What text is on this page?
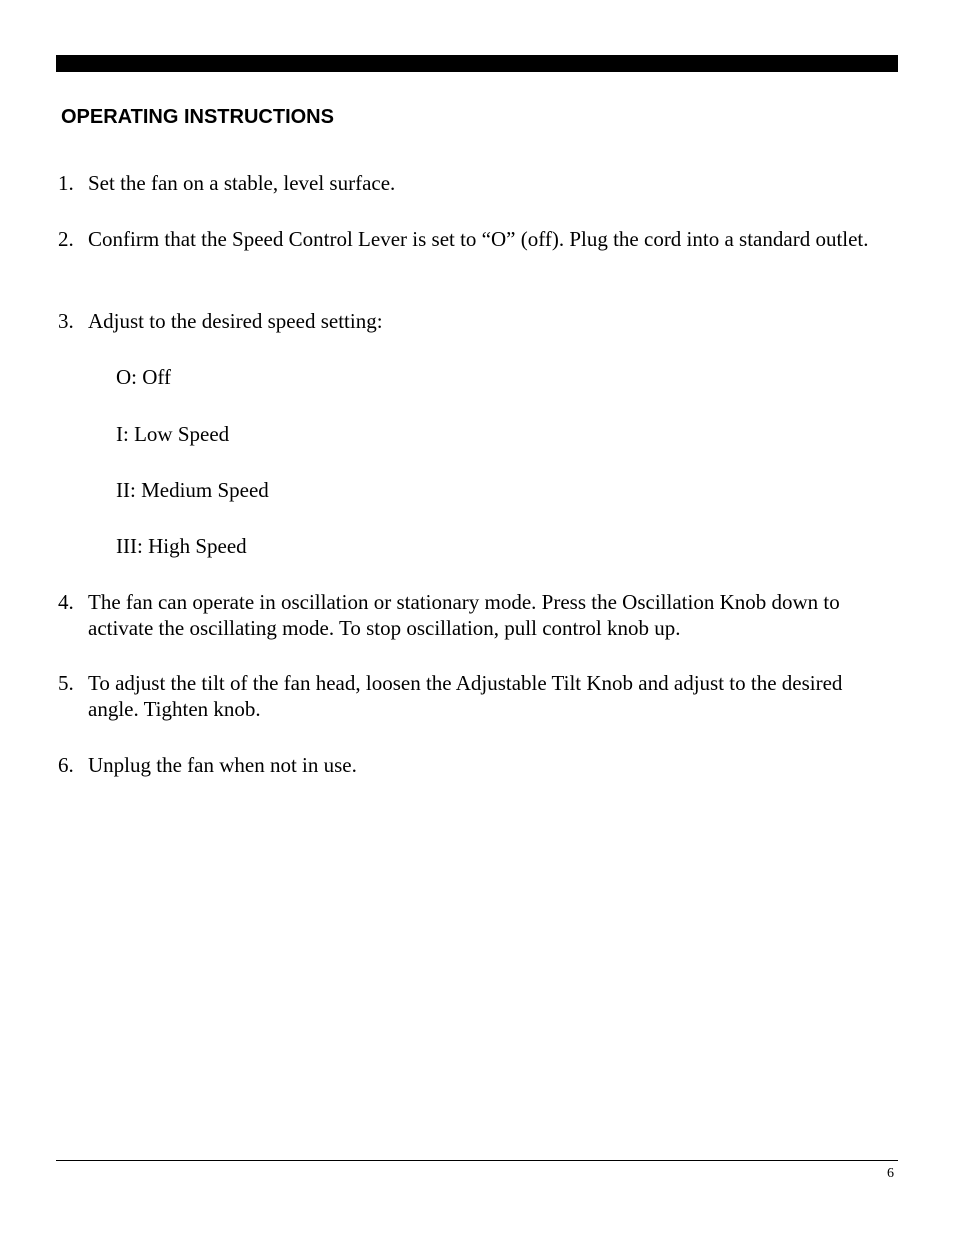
OPERATING INSTRUCTIONS
1. Set the fan on a stable, level surface.
2. Confirm that the Speed Control Lever is set to “O” (off). Plug the cord into a standard outlet.
3. Adjust to the desired speed setting:
O: Off
I: Low Speed
II: Medium Speed
III: High Speed
4. The fan can operate in oscillation or stationary mode. Press the Oscillation Knob down to activate the oscillating mode. To stop oscillation, pull control knob up.
5. To adjust the tilt of the fan head, loosen the Adjustable Tilt Knob and adjust to the desired angle. Tighten knob.
6. Unplug the fan when not in use.
6
